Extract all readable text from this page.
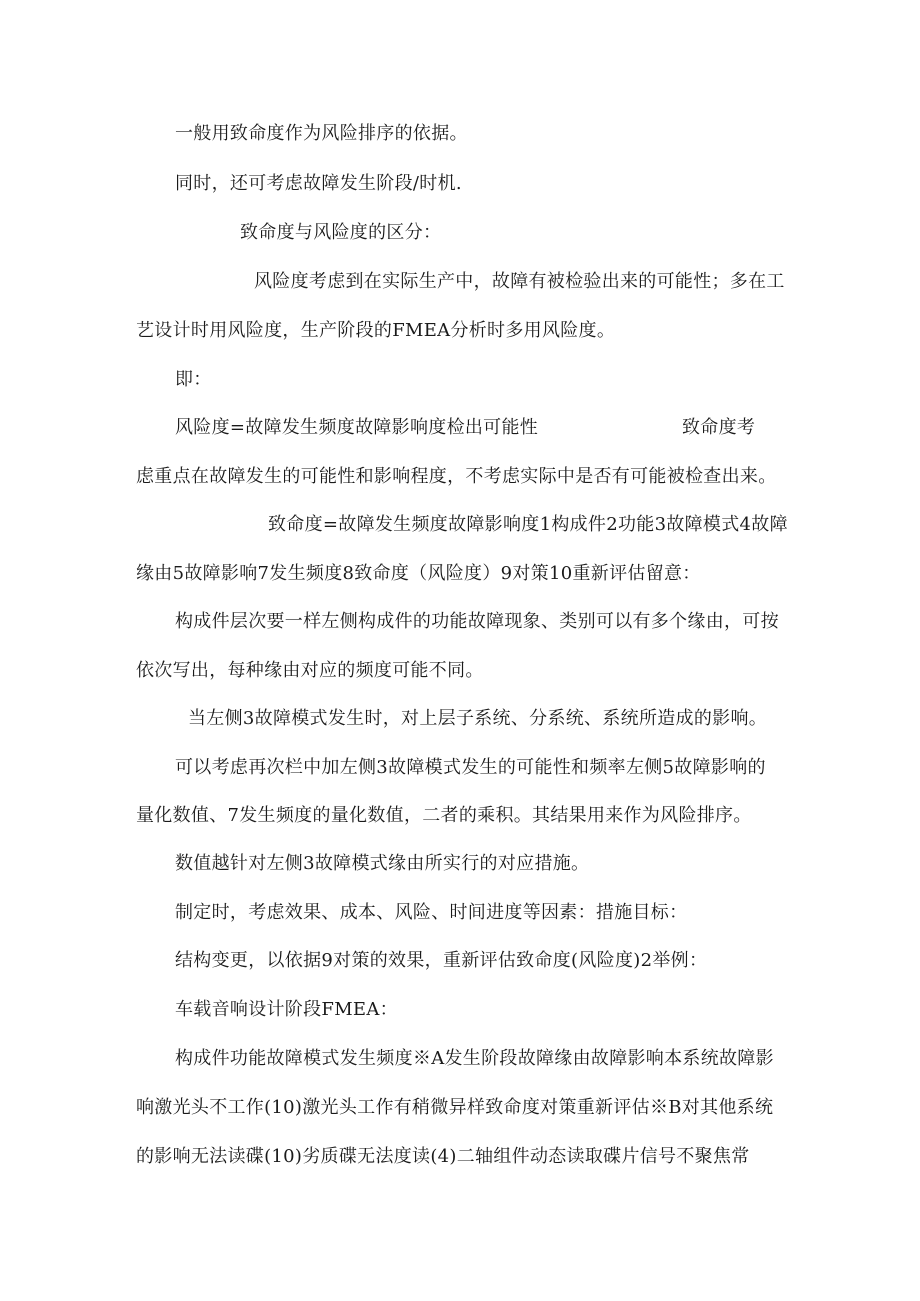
一般用致命度作为风险排序的依据。
同时，还可考虑故障发生阶段/时机.
致命度与风险度的区分：
风险度考虑到在实际生产中，故障有被检验出来的可能性；多在工
艺设计时用风险度，生产阶段的FMEA分析时多用风险度。
即：
风险度=故障发生频度故障影响度检出可能性	致命度考
虑重点在故障发生的可能性和影响程度，不考虑实际中是否有可能被检查出来。
致命度=故障发生频度故障影响度1构成件2功能3故障模式4故障
缘由5故障影响7发生频度8致命度（风险度）9对策10重新评估留意：
构成件层次要一样左侧构成件的功能故障现象、类别可以有多个缘由，可按
依次写出，每种缘由对应的频度可能不同。
当左侧3故障模式发生时，对上层子系统、分系统、系统所造成的影响。
可以考虑再次栏中加左侧3故障模式发生的可能性和频率左侧5故障影响的
量化数值、7发生频度的量化数值，二者的乘积。其结果用来作为风险排序。
数值越针对左侧3故障模式缘由所实行的对应措施。
制定时，考虑效果、成本、风险、时间进度等因素：措施目标：
结构变更，以依据9对策的效果，重新评估致命度(风险度)2举例：
车载音响设计阶段FMEA：
构成件功能故障模式发生频度※A发生阶段故障缘由故障影响本系统故障影
响激光头不工作(10)激光头工作有稍微异样致命度对策重新评估※B对其他系统
的影响无法读碟(10)劣质碟无法度读(4)二轴组件动态读取碟片信号不聚焦常
